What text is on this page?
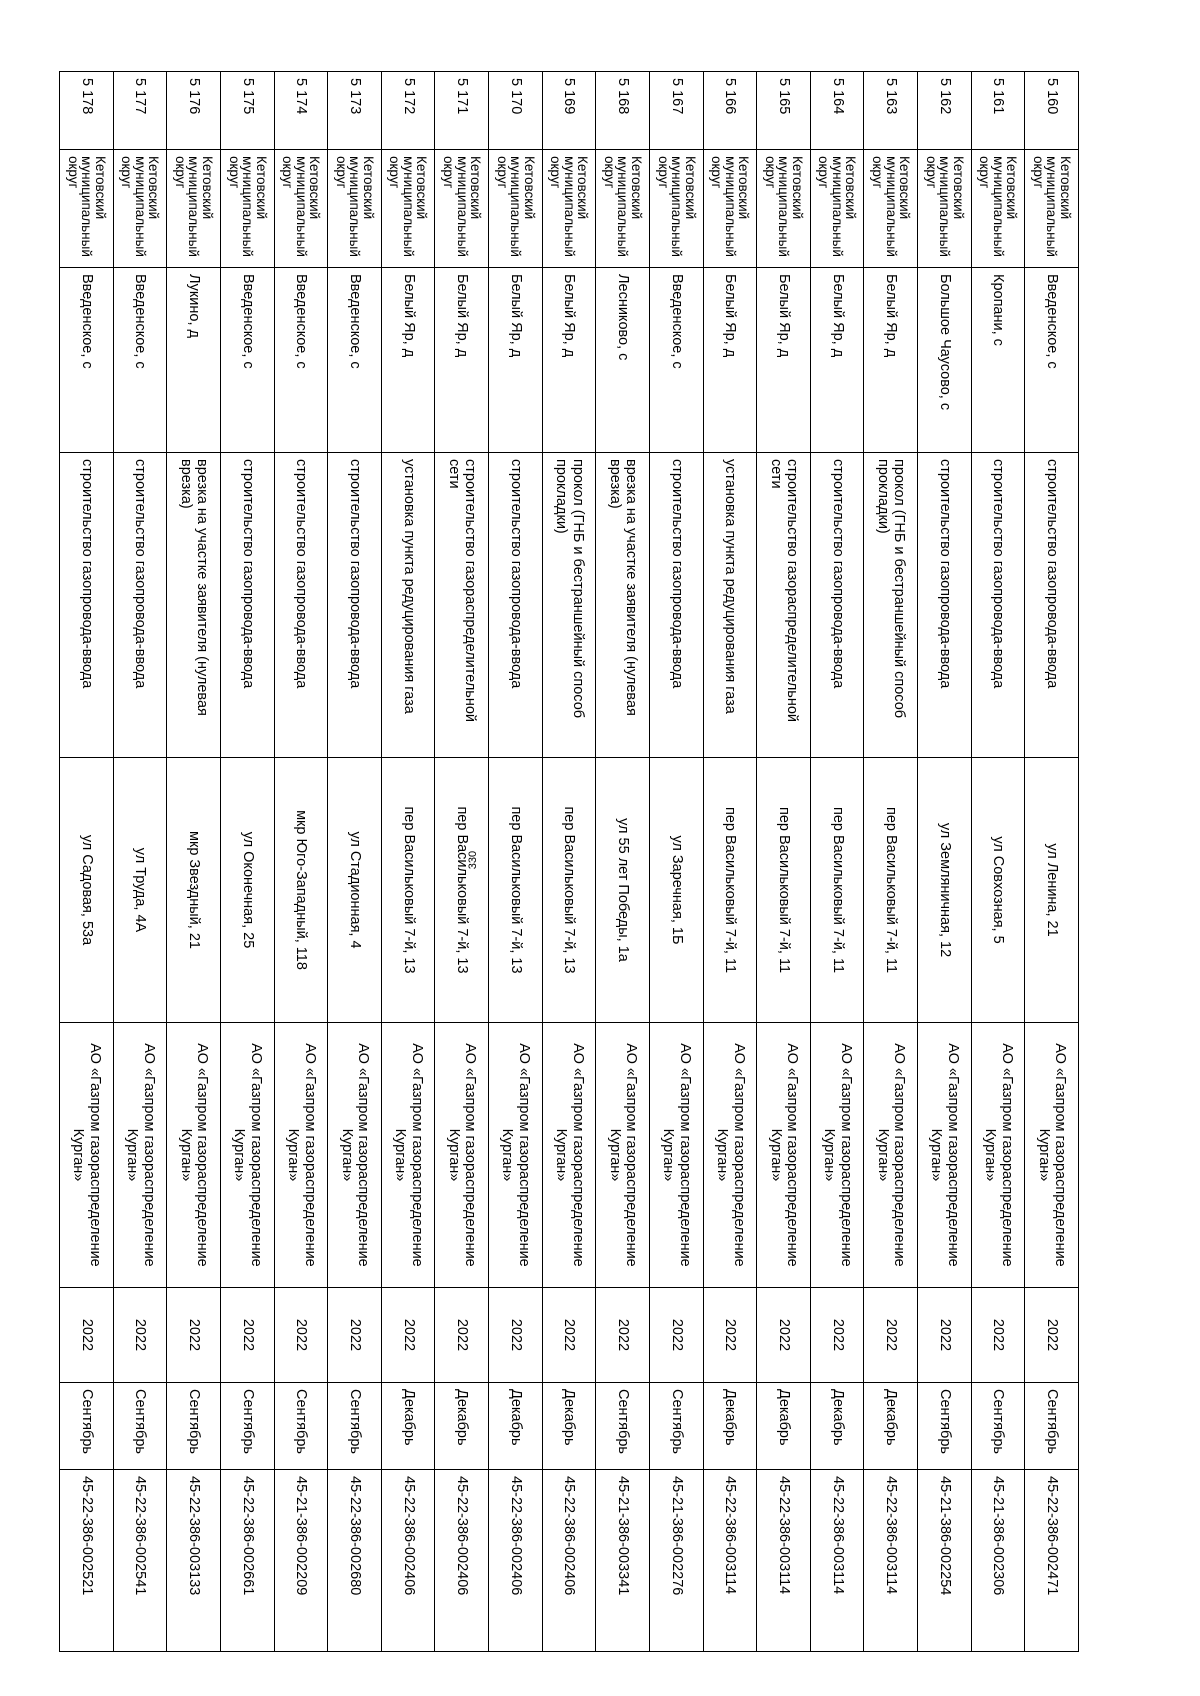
330
5 160	Кетовский муниципальный округ	Введенское, с	строительство газопровода-ввода	ул Ленина, 21	АО «Газпром газораспределение Курган»	2022	Сентябрь	45-22-386-002471
5 161	Кетовский муниципальный округ	Кропани, с	строительство газопровода-ввода	ул Совхозная, 5	АО «Газпром газораспределение Курган»	2022	Сентябрь	45-21-386-002306
5 162	Кетовский муниципальный округ	Большое Чаусово, с	строительство газопровода-ввода	ул Земляничная, 12	АО «Газпром газораспределение Курган»	2022	Сентябрь	45-21-386-002254
5 163	Кетовский муниципальный округ	Белый Яр, д	прокол (ГНБ и бестраншейный способ прокладки)	пер Васильковый 7-й, 11	АО «Газпром газораспределение Курган»	2022	Декабрь	45-22-386-003114
5 164	Кетовский муниципальный округ	Белый Яр, д	строительство газопровода-ввода	пер Васильковый 7-й, 11	АО «Газпром газораспределение Курган»	2022	Декабрь	45-22-386-003114
5 165	Кетовский муниципальный округ	Белый Яр, д	строительство газораспределительной сети	пер Васильковый 7-й, 11	АО «Газпром газораспределение Курган»	2022	Декабрь	45-22-386-003114
5 166	Кетовский муниципальный округ	Белый Яр, д	установка пункта редуцирования газа	пер Васильковый 7-й, 11	АО «Газпром газораспределение Курган»	2022	Декабрь	45-22-386-003114
5 167	Кетовский муниципальный округ	Введенское, с	строительство газопровода-ввода	ул Заречная, 1Б	АО «Газпром газораспределение Курган»	2022	Сентябрь	45-21-386-002276
5 168	Кетовский муниципальный округ	Лесниково, с	врезка на участке заявителя (нулевая врезка)	ул 55 лет Победы, 1а	АО «Газпром газораспределение Курган»	2022	Сентябрь	45-21-386-003341
5 169	Кетовский муниципальный округ	Белый Яр, д	прокол (ГНБ и бестраншейный способ прокладки)	пер Васильковый 7-й, 13	АО «Газпром газораспределение Курган»	2022	Декабрь	45-22-386-002406
5 170	Кетовский муниципальный округ	Белый Яр, д	строительство газопровода-ввода	пер Васильковый 7-й, 13	АО «Газпром газораспределение Курган»	2022	Декабрь	45-22-386-002406
5 171	Кетовский муниципальный округ	Белый Яр, д	строительство газораспределительной сети	пер Васильковый 7-й, 13	АО «Газпром газораспределение Курган»	2022	Декабрь	45-22-386-002406
5 172	Кетовский муниципальный округ	Белый Яр, д	установка пункта редуцирования газа	пер Васильковый 7-й, 13	АО «Газпром газораспределение Курган»	2022	Декабрь	45-22-386-002406
5 173	Кетовский муниципальный округ	Введенское, с	строительство газопровода-ввода	ул Стадионная, 4	АО «Газпром газораспределение Курган»	2022	Сентябрь	45-22-386-002680
5 174	Кетовский муниципальный округ	Введенское, с	строительство газопровода-ввода	мкр Юго-Западный, 118	АО «Газпром газораспределение Курган»	2022	Сентябрь	45-21-386-002209
5 175	Кетовский муниципальный округ	Введенское, с	строительство газопровода-ввода	ул Оконечная, 25	АО «Газпром газораспределение Курган»	2022	Сентябрь	45-22-386-002661
5 176	Кетовский муниципальный округ	Лукино, д	врезка на участке заявителя (нулевая врезка)	мкр Звездный, 21	АО «Газпром газораспределение Курган»	2022	Сентябрь	45-22-386-003133
5 177	Кетовский муниципальный округ	Введенское, с	строительство газопровода-ввода	ул Труда, 4А	АО «Газпром газораспределение Курган»	2022	Сентябрь	45-22-386-002541
5 178	Кетовский муниципальный округ	Введенское, с	строительство газопровода-ввода	ул Садовая, 53а	АО «Газпром газораспределение Курган»	2022	Сентябрь	45-22-386-002521
